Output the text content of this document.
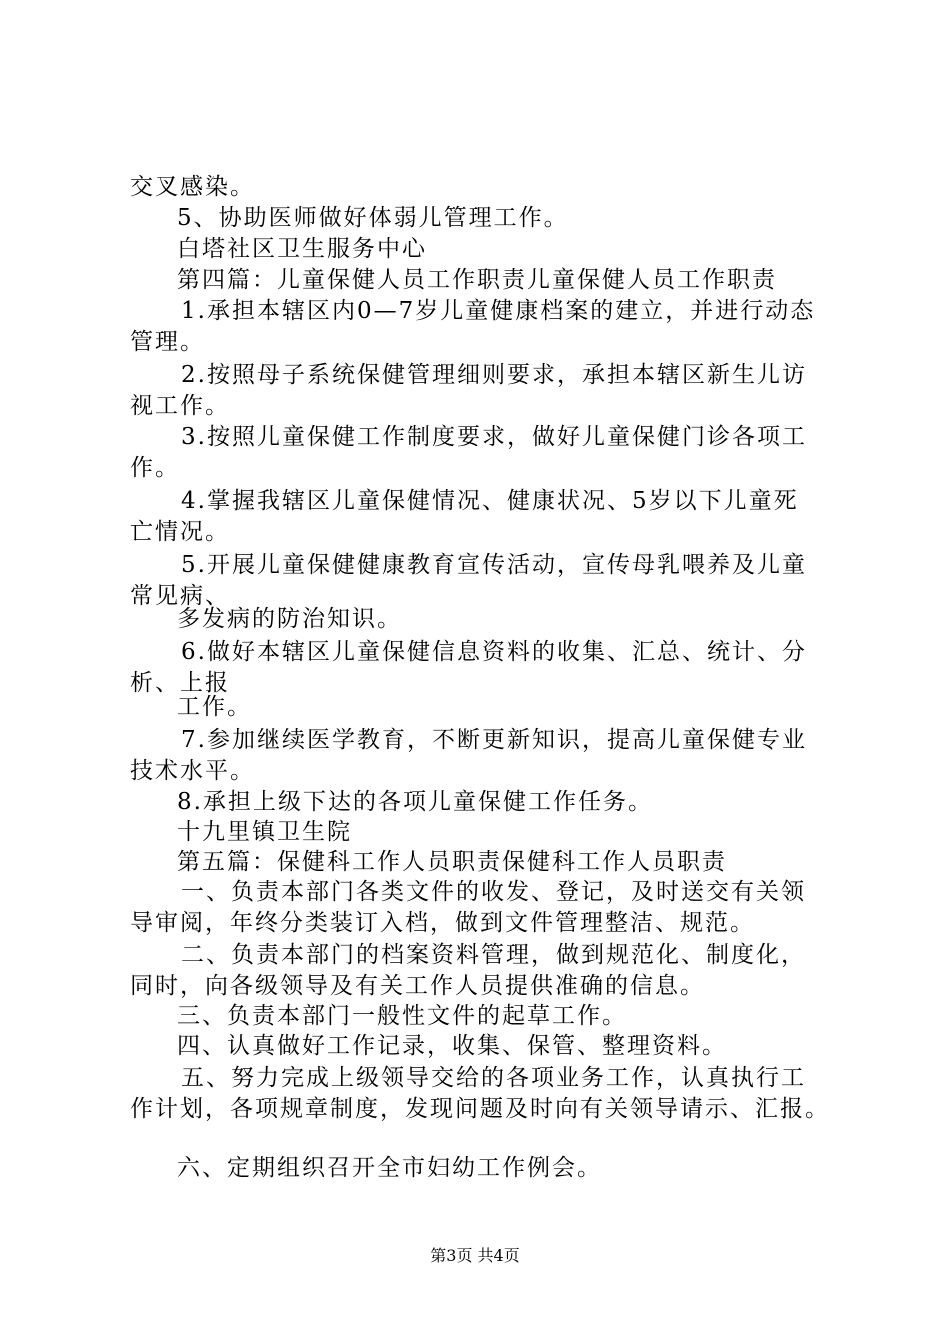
交叉感染。
5、协助医师做好体弱儿管理工作。
白塔社区卫生服务中心
第四篇：儿童保健人员工作职责儿童保健人员工作职责
1.承担本辖区内0—7岁儿童健康档案的建立，并进行动态
管理。
2.按照母子系统保健管理细则要求，承担本辖区新生儿访
视工作。
3.按照儿童保健工作制度要求，做好儿童保健门诊各项工
作。
4.掌握我辖区儿童保健情况、健康状况、5岁以下儿童死
亡情况。
5.开展儿童保健健康教育宣传活动，宣传母乳喂养及儿童
常见病、
多发病的防治知识。
6.做好本辖区儿童保健信息资料的收集、汇总、统计、分
析、上报
工作。
7.参加继续医学教育，不断更新知识，提高儿童保健专业
技术水平。
8.承担上级下达的各项儿童保健工作任务。
十九里镇卫生院
第五篇：保健科工作人员职责保健科工作人员职责
一、负责本部门各类文件的收发、登记，及时送交有关领
导审阅，年终分类装订入档，做到文件管理整洁、规范。
二、负责本部门的档案资料管理，做到规范化、制度化，
同时，向各级领导及有关工作人员提供准确的信息。
三、负责本部门一般性文件的起草工作。
四、认真做好工作记录，收集、保管、整理资料。
五、努力完成上级领导交给的各项业务工作，认真执行工
作计划，各项规章制度，发现问题及时向有关领导请示、汇报。
六、定期组织召开全市妇幼工作例会。
第3页 共4页
